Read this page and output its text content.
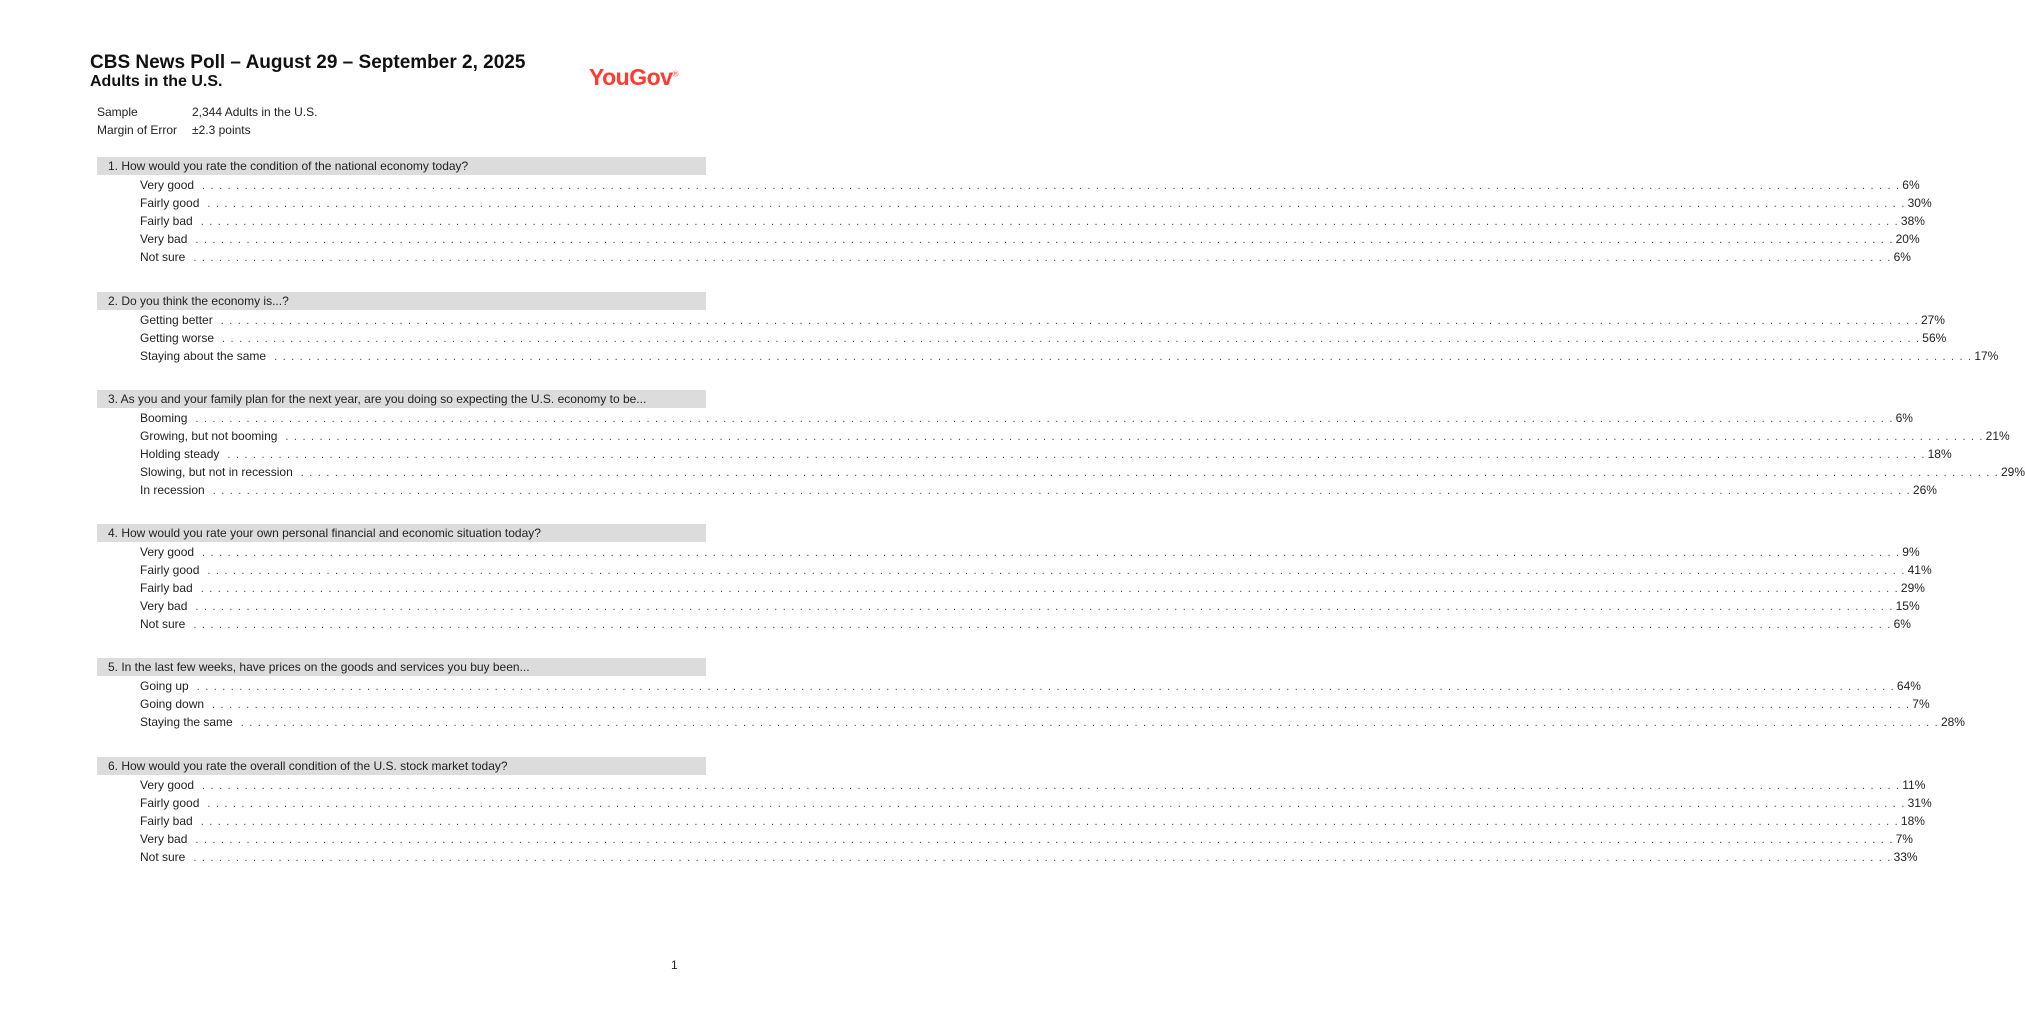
CBS News Poll – August 29 – September 2, 2025
Adults in the U.S.	YouGov®
Sample	2,344 Adults in the U.S.
Margin of Error ±2.3 points
1. How would you rate the condition of the national economy today?
Very good . . . . . . . . . . . . . . . . . . . . . . . . . . . . . . . . . . . . . . . . . . . . . . . . . . . . . . . . . . . . . . . . . . . . . . . . . . . . . . . . . . . . . . . . . . . . . . . . . . . . . . . . . . . . . . . . . . . . . . . . . . . . . . . . . . . . . . . . . . . . . . . . . . . . . . . . . . . . . . . . . . . . . . . . . . . . . . . . . . . . . . . . . . . . . . . . . . . . . . . . 6%
Fairly good . . . . . . . . . . . . . . . . . . . . . . . . . . . . . . . . . . . . . . . . . . . . . . . . . . . . . . . . . . . . . . . . . . . . . . . . . . . . . . . . . . . . . . . . . . . . . . . . . . . . . . . . . . . . . . . . . . . . . . . . . . . . . . . . . . . . . . . . . . . . . . . . . . . . . . . . . . . . . . . . . . . . . . . . . . . . . . . . . . . . . . . . . . . . . . . . . . . . . . . . 30%
Fairly bad . . . . . . . . . . . . . . . . . . . . . . . . . . . . . . . . . . . . . . . . . . . . . . . . . . . . . . . . . . . . . . . . . . . . . . . . . . . . . . . . . . . . . . . . . . . . . . . . . . . . . . . . . . . . . . . . . . . . . . . . . . . . . . . . . . . . . . . . . . . . . . . . . . . . . . . . . . . . . . . . . . . . . . . . . . . . . . . . . . . . . . . . . . . . . . . . . . . . . . . . 38%
Very bad . . . . . . . . . . . . . . . . . . . . . . . . . . . . . . . . . . . . . . . . . . . . . . . . . . . . . . . . . . . . . . . . . . . . . . . . . . . . . . . . . . . . . . . . . . . . . . . . . . . . . . . . . . . . . . . . . . . . . . . . . . . . . . . . . . . . . . . . . . . . . . . . . . . . . . . . . . . . . . . . . . . . . . . . . . . . . . . . . . . . . . . . . . . . . . . . . . . . . . . . 20%
Not sure . . . . . . . . . . . . . . . . . . . . . . . . . . . . . . . . . . . . . . . . . . . . . . . . . . . . . . . . . . . . . . . . . . . . . . . . . . . . . . . . . . . . . . . . . . . . . . . . . . . . . . . . . . . . . . . . . . . . . . . . . . . . . . . . . . . . . . . . . . . . . . . . . . . . . . . . . . . . . . . . . . . . . . . . . . . . . . . . . . . . . . . . . . . . . . . . . . . . . . . . 6%
2. Do you think the economy is...?
Getting better . . . . . . . . . . . . . . . . . . . . . . . . . . . . . . . . . . . . . . . . . . . . . . . . . . . . . . . . . . . . . . . . . . . . . . . . . . . . . . . . . . . . . . . . . . . . . . . . . . . . . . . . . . . . . . . . . . . . . . . . . . . . . . . . . . . . . . . . . . . . . . . . . . . . . . . . . . . . . . . . . . . . . . . . . . . . . . . . . . . . . . . . . . . . . . . . . . . . . . . . 27%
Getting worse . . . . . . . . . . . . . . . . . . . . . . . . . . . . . . . . . . . . . . . . . . . . . . . . . . . . . . . . . . . . . . . . . . . . . . . . . . . . . . . . . . . . . . . . . . . . . . . . . . . . . . . . . . . . . . . . . . . . . . . . . . . . . . . . . . . . . . . . . . . . . . . . . . . . . . . . . . . . . . . . . . . . . . . . . . . . . . . . . . . . . . . . . . . . . . . . . . . . . . . . 56%
Staying about the same . . . . . . . . . . . . . . . . . . . . . . . . . . . . . . . . . . . . . . . . . . . . . . . . . . . . . . . . . . . . . . . . . . . . . . . . . . . . . . . . . . . . . . . . . . . . . . . . . . . . . . . . . . . . . . . . . . . . . . . . . . . . . . . . . . . . . . . . . . . . . . . . . . . . . . . . . . . . . . . . . . . . . . . . . . . . . . . . . . . . . . . . . . . . . . . . . . . . . . . . 17%
3. As you and your family plan for the next year, are you doing so expecting the U.S. economy to be...
Booming . . . . . . . . . . . . . . . . . . . . . . . . . . . . . . . . . . . . . . . . . . . . . . . . . . . . . . . . . . . . . . . . . . . . . . . . . . . . . . . . . . . . . . . . . . . . . . . . . . . . . . . . . . . . . . . . . . . . . . . . . . . . . . . . . . . . . . . . . . . . . . . . . . . . . . . . . . . . . . . . . . . . . . . . . . . . . . . . . . . . . . . . . . . . . . . . . . . . . . . . 6%
Growing, but not booming . . . . . . . . . . . . . . . . . . . . . . . . . . . . . . . . . . . . . . . . . . . . . . . . . . . . . . . . . . . . . . . . . . . . . . . . . . . . . . . . . . . . . . . . . . . . . . . . . . . . . . . . . . . . . . . . . . . . . . . . . . . . . . . . . . . . . . . . . . . . . . . . . . . . . . . . . . . . . . . . . . . . . . . . . . . . . . . . . . . . . . . . . . . . . . . . . . . . . . . . 21%
Holding steady . . . . . . . . . . . . . . . . . . . . . . . . . . . . . . . . . . . . . . . . . . . . . . . . . . . . . . . . . . . . . . . . . . . . . . . . . . . . . . . . . . . . . . . . . . . . . . . . . . . . . . . . . . . . . . . . . . . . . . . . . . . . . . . . . . . . . . . . . . . . . . . . . . . . . . . . . . . . . . . . . . . . . . . . . . . . . . . . . . . . . . . . . . . . . . . . . . . . . . . . 18%
Slowing, but not in recession . . . . . . . . . . . . . . . . . . . . . . . . . . . . . . . . . . . . . . . . . . . . . . . . . . . . . . . . . . . . . . . . . . . . . . . . . . . . . . . . . . . . . . . . . . . . . . . . . . . . . . . . . . . . . . . . . . . . . . . . . . . . . . . . . . . . . . . . . . . . . . . . . . . . . . . . . . . . . . . . . . . . . . . . . . . . . . . . . . . . . . . . . . . . . . . . . . . . . . . . 29%
In recession . . . . . . . . . . . . . . . . . . . . . . . . . . . . . . . . . . . . . . . . . . . . . . . . . . . . . . . . . . . . . . . . . . . . . . . . . . . . . . . . . . . . . . . . . . . . . . . . . . . . . . . . . . . . . . . . . . . . . . . . . . . . . . . . . . . . . . . . . . . . . . . . . . . . . . . . . . . . . . . . . . . . . . . . . . . . . . . . . . . . . . . . . . . . . . . . . . . . . . . . 26%
4. How would you rate your own personal financial and economic situation today?
Very good . . . . . . . . . . . . . . . . . . . . . . . . . . . . . . . . . . . . . . . . . . . . . . . . . . . . . . . . . . . . . . . . . . . . . . . . . . . . . . . . . . . . . . . . . . . . . . . . . . . . . . . . . . . . . . . . . . . . . . . . . . . . . . . . . . . . . . . . . . . . . . . . . . . . . . . . . . . . . . . . . . . . . . . . . . . . . . . . . . . . . . . . . . . . . . . . . . . . . . . . 9%
Fairly good . . . . . . . . . . . . . . . . . . . . . . . . . . . . . . . . . . . . . . . . . . . . . . . . . . . . . . . . . . . . . . . . . . . . . . . . . . . . . . . . . . . . . . . . . . . . . . . . . . . . . . . . . . . . . . . . . . . . . . . . . . . . . . . . . . . . . . . . . . . . . . . . . . . . . . . . . . . . . . . . . . . . . . . . . . . . . . . . . . . . . . . . . . . . . . . . . . . . . . . . 41%
Fairly bad . . . . . . . . . . . . . . . . . . . . . . . . . . . . . . . . . . . . . . . . . . . . . . . . . . . . . . . . . . . . . . . . . . . . . . . . . . . . . . . . . . . . . . . . . . . . . . . . . . . . . . . . . . . . . . . . . . . . . . . . . . . . . . . . . . . . . . . . . . . . . . . . . . . . . . . . . . . . . . . . . . . . . . . . . . . . . . . . . . . . . . . . . . . . . . . . . . . . . . . . 29%
Very bad . . . . . . . . . . . . . . . . . . . . . . . . . . . . . . . . . . . . . . . . . . . . . . . . . . . . . . . . . . . . . . . . . . . . . . . . . . . . . . . . . . . . . . . . . . . . . . . . . . . . . . . . . . . . . . . . . . . . . . . . . . . . . . . . . . . . . . . . . . . . . . . . . . . . . . . . . . . . . . . . . . . . . . . . . . . . . . . . . . . . . . . . . . . . . . . . . . . . . . . . 15%
Not sure . . . . . . . . . . . . . . . . . . . . . . . . . . . . . . . . . . . . . . . . . . . . . . . . . . . . . . . . . . . . . . . . . . . . . . . . . . . . . . . . . . . . . . . . . . . . . . . . . . . . . . . . . . . . . . . . . . . . . . . . . . . . . . . . . . . . . . . . . . . . . . . . . . . . . . . . . . . . . . . . . . . . . . . . . . . . . . . . . . . . . . . . . . . . . . . . . . . . . . . . 6%
5. In the last few weeks, have prices on the goods and services you buy been...
Going up . . . . . . . . . . . . . . . . . . . . . . . . . . . . . . . . . . . . . . . . . . . . . . . . . . . . . . . . . . . . . . . . . . . . . . . . . . . . . . . . . . . . . . . . . . . . . . . . . . . . . . . . . . . . . . . . . . . . . . . . . . . . . . . . . . . . . . . . . . . . . . . . . . . . . . . . . . . . . . . . . . . . . . . . . . . . . . . . . . . . . . . . . . . . . . . . . . . . . . . . 64%
Going down . . . . . . . . . . . . . . . . . . . . . . . . . . . . . . . . . . . . . . . . . . . . . . . . . . . . . . . . . . . . . . . . . . . . . . . . . . . . . . . . . . . . . . . . . . . . . . . . . . . . . . . . . . . . . . . . . . . . . . . . . . . . . . . . . . . . . . . . . . . . . . . . . . . . . . . . . . . . . . . . . . . . . . . . . . . . . . . . . . . . . . . . . . . . . . . . . . . . . . . . 7%
Staying the same . . . . . . . . . . . . . . . . . . . . . . . . . . . . . . . . . . . . . . . . . . . . . . . . . . . . . . . . . . . . . . . . . . . . . . . . . . . . . . . . . . . . . . . . . . . . . . . . . . . . . . . . . . . . . . . . . . . . . . . . . . . . . . . . . . . . . . . . . . . . . . . . . . . . . . . . . . . . . . . . . . . . . . . . . . . . . . . . . . . . . . . . . . . . . . . . . . . . . . . . 28%
6. How would you rate the overall condition of the U.S. stock market today?
Very good . . . . . . . . . . . . . . . . . . . . . . . . . . . . . . . . . . . . . . . . . . . . . . . . . . . . . . . . . . . . . . . . . . . . . . . . . . . . . . . . . . . . . . . . . . . . . . . . . . . . . . . . . . . . . . . . . . . . . . . . . . . . . . . . . . . . . . . . . . . . . . . . . . . . . . . . . . . . . . . . . . . . . . . . . . . . . . . . . . . . . . . . . . . . . . . . . . . . . . . . 11%
Fairly good . . . . . . . . . . . . . . . . . . . . . . . . . . . . . . . . . . . . . . . . . . . . . . . . . . . . . . . . . . . . . . . . . . . . . . . . . . . . . . . . . . . . . . . . . . . . . . . . . . . . . . . . . . . . . . . . . . . . . . . . . . . . . . . . . . . . . . . . . . . . . . . . . . . . . . . . . . . . . . . . . . . . . . . . . . . . . . . . . . . . . . . . . . . . . . . . . . . . . . . . 31%
Fairly bad . . . . . . . . . . . . . . . . . . . . . . . . . . . . . . . . . . . . . . . . . . . . . . . . . . . . . . . . . . . . . . . . . . . . . . . . . . . . . . . . . . . . . . . . . . . . . . . . . . . . . . . . . . . . . . . . . . . . . . . . . . . . . . . . . . . . . . . . . . . . . . . . . . . . . . . . . . . . . . . . . . . . . . . . . . . . . . . . . . . . . . . . . . . . . . . . . . . . . . . . 18%
Very bad . . . . . . . . . . . . . . . . . . . . . . . . . . . . . . . . . . . . . . . . . . . . . . . . . . . . . . . . . . . . . . . . . . . . . . . . . . . . . . . . . . . . . . . . . . . . . . . . . . . . . . . . . . . . . . . . . . . . . . . . . . . . . . . . . . . . . . . . . . . . . . . . . . . . . . . . . . . . . . . . . . . . . . . . . . . . . . . . . . . . . . . . . . . . . . . . . . . . . . . . 7%
Not sure . . . . . . . . . . . . . . . . . . . . . . . . . . . . . . . . . . . . . . . . . . . . . . . . . . . . . . . . . . . . . . . . . . . . . . . . . . . . . . . . . . . . . . . . . . . . . . . . . . . . . . . . . . . . . . . . . . . . . . . . . . . . . . . . . . . . . . . . . . . . . . . . . . . . . . . . . . . . . . . . . . . . . . . . . . . . . . . . . . . . . . . . . . . . . . . . . . . . . . . . 33%
1
